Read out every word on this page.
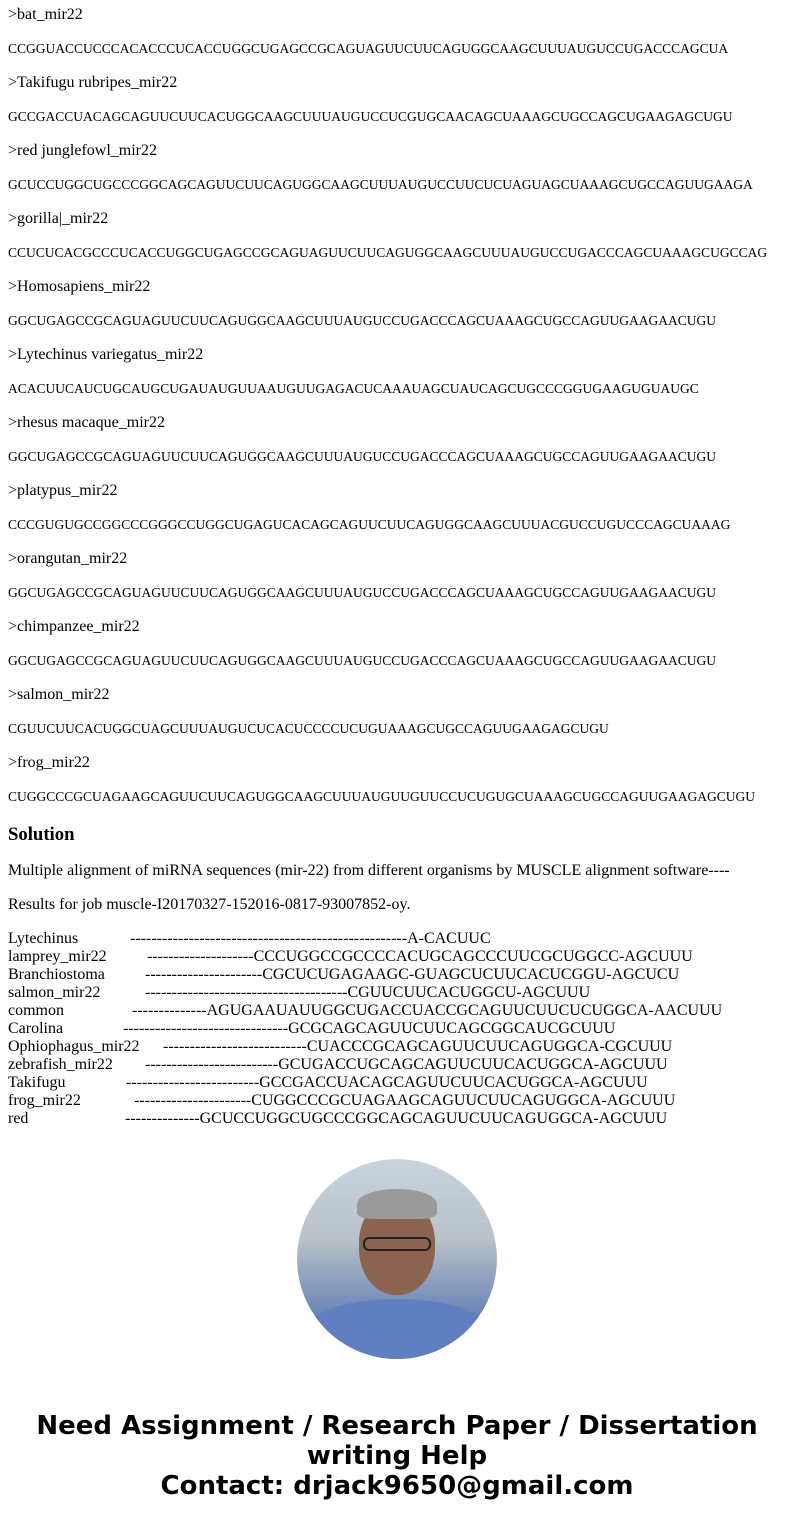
>bat_mir22

CCGGUACCUCCCACACCCUCACCUGGCUGAGCCGCAGUAGUUCUUCAGUGGCAAGCUUUAUGUCCUGACCCAGCUA

>Takifugu rubripes_mir22

GCCGACCUACAGCAGUUCUUCACUGGCAAGCUUUAUGUCCUCGUGCAACAGCUAAAGCUGCCAGCUGAAGAGCUGU

>red junglefowl_mir22

GCUCCUGGCUGCCCGGCAGCAGUUCUUCAGUGGCAAGCUUUAUGUCCUUCUCUAGUAGCUAAAGCUGCCAGUUGAAGA

>gorilla|_mir22

CCUCUCACGCCCUCACCUGGCUGAGCCGCAGUAGUUCUUCAGUGGCAAGCUUUAUGUCCUGACCCAGCUAAAGCUGCCAG

>Homosapiens_mir22

GGCUGAGCCGCAGUAGUUCUUCAGUGGCAAGCUUUAUGUCCUGACCCAGCUAAAGCUGCCAGUUGAAGAACUGU

>Lytechinus variegatus_mir22

ACACUUCAUCUGCAUGCUGAUAUGUUAAUGUUGAGACUCAAAUAGCUAUCAGCUGCCCGGUGAAGUGUAUGC

>rhesus macaque_mir22

GGCUGAGCCGCAGUAGUUCUUCAGUGGCAAGCUUUAUGUCCUGACCCAGCUAAAGCUGCCAGUUGAAGAACUGU

>platypus_mir22

CCCGUGUGCCGGCCCGGGCCUGGCUGAGUCACAGCAGUUCUUCAGUGGCAAGCUUUACGUCCUGUCCCAGCUAAAG

>orangutan_mir22

GGCUGAGCCGCAGUAGUUCUUCAGUGGCAAGCUUUAUGUCCUGACCCAGCUAAAGCUGCCAGUUGAAGAACUGU

>chimpanzee_mir22

GGCUGAGCCGCAGUAGUUCUUCAGUGGCAAGCUUUAUGUCCUGACCCAGCUAAAGCUGCCAGUUGAAGAACUGU

>salmon_mir22

CGUUCUUCACUGGCUAGCUUUAUGUCUCACUCCCCUCUGUAAAGCUGCCAGUUGAAGAGCUGU

>frog_mir22

CUGGCCCGCUAGAAGCAGUUCUUCAGUGGCAAGCUUUAUGUUGUUCCUCUGUGCUAAAGCUGCCAGUUGAAGAGCUGU

Solution

Multiple alignment of miRNA sequences (mir-22) from different organisms by MUSCLE alignment software----

Results for job muscle-I20170327-152016-0817-93007852-oy.

Lytechinus	----------------------------------------------------A-CACUUC
lamprey_mir22	--------------------CCCUGGCCGCCCCACUGCAGCCCUUCGCUGGCC-AGCUUU
Branchiostoma	----------------------CGCUCUGAGAAGC-GUAGCUCUUCACUCGGU-AGCUCU
salmon_mir22	--------------------------------------CGUUCUUCACUGGCU-AGCUUU
common	--------------AGUGAAUAUUGGCUGACCUACCGCAGUUCUUCUCUGGCA-AACUUU
Carolina	-------------------------------GCGCAGCAGUUCUUCAGCGGCAUCGCUUU
Ophiophagus_mir22	---------------------------CUACCCGCAGCAGUUCUUCAGUGGCA-CGCUUU
zebrafish_mir22	-------------------------GCUGACCUGCAGCAGUUCUUCACUGGCA-AGCUUU
Takifugu	-------------------------GCCGACCUACAGCAGUUCUUCACUGGCA-AGCUUU
frog_mir22	----------------------CUGGCCCGCUAGAAGCAGUUCUUCAGUGGCA-AGCUUU
red	--------------GCUCCUGGCUGCCCGGCAGCAGUUCUUCAGUGGCA-AGCUUU
Need Assignment / Research Paper / Dissertation
writing Help
Contact: drjack9650@gmail.com
